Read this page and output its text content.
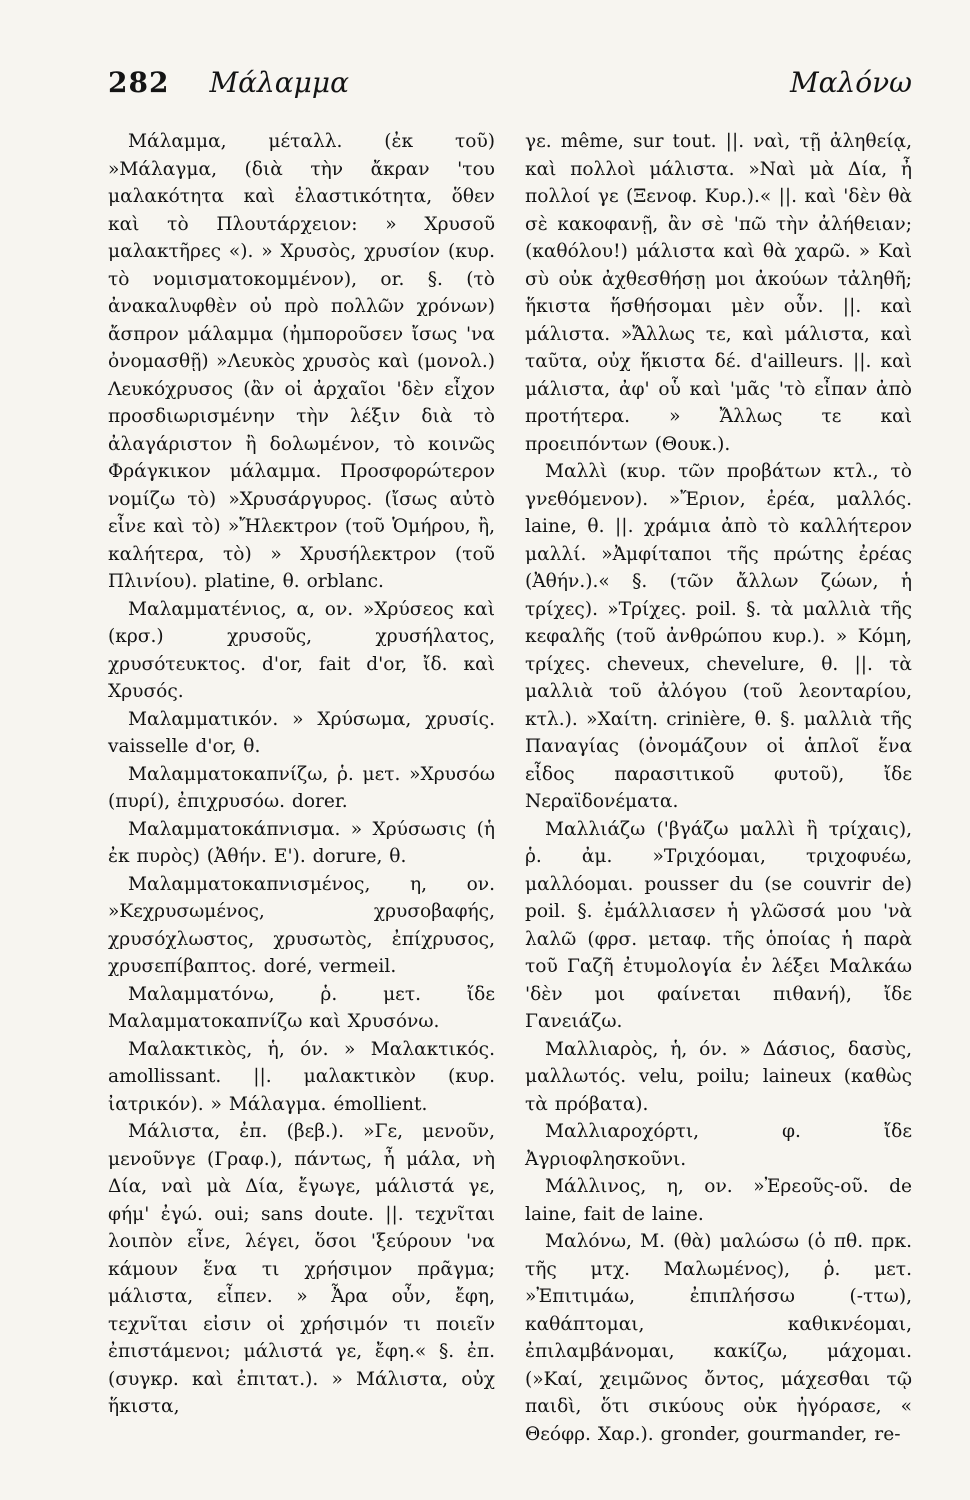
282 Μάλαμμα	Μαλόνω

Μάλαμμα, μέταλλ. (ἐκ τοῦ) »Μάλαγμα, (διὰ τὴν ἄκραν 'του μαλακότητα καὶ ἐλαστικότητα, ὅθεν καὶ τὸ Πλουτάρχειον: » Χρυσοῦ μαλακτῆρες «). » Χρυσὸς, χρυσίον (κυρ. τὸ νομισματοκομμένον), or. §. (τὸ ἀνακαλυφθὲν οὐ πρὸ πολλῶν χρόνων) ἄσπρον μάλαμμα (ἠμποροῦσεν ἴσως 'να ὀνομασθῇ) »Λευκὸς χρυσὸς καὶ (μονολ.) Λευκόχρυσος (ἂν οἱ ἀρχαῖοι 'δὲν εἶχον προσδιωρισμένην τὴν λέξιν διὰ τὸ ἀλαγάριστον ἢ δολωμένον, τὸ κοινῶς Φράγκικον μάλαμμα. Προσφορώτερον νομίζω τὸ) »Χρυσάργυρος. (ἴσως αὐτὸ εἶνε καὶ τὸ) »Ἤλεκτρον (τοῦ Ὁμήρου, ἢ, καλήτερα, τὸ) » Χρυσήλεκτρον (τοῦ Πλινίου). platine, θ. orblanc.

Μαλαμματένιος, α, ον. »Χρύσεος καὶ (κρσ.) χρυσοῦς, χρυσήλατος, χρυσότευκτος. d'or, fait d'or, ἴδ. καὶ Χρυσός.

Μαλαμματικόν. » Χρύσωμα, χρυσίς. vaisselle d'or, θ.

Μαλαμματοκαπνίζω, ῥ. μετ. »Χρυσόω (πυρί), ἐπιχρυσόω. dorer.

Μαλαμματοκάπνισμα. » Χρύσωσις (ἡ ἐκ πυρὸς) (Ἀθήν. Ε'). dorure, θ.

Μαλαμματοκαπνισμένος, η, ον. »Κεχρυσωμένος, χρυσοβαφής, χρυσόχλωστος, χρυσωτὸς, ἐπίχρυσος, χρυσεπίβαπτος. doré, vermeil.

Μαλαμματόνω, ῥ. μετ. ἴδε Μαλαμματοκαπνίζω καὶ Χρυσόνω.

Μαλακτικὸς, ἡ, όν. » Μαλακτικός. amollissant. ||. μαλακτικὸν (κυρ. ἰατρικόν). » Μάλαγμα. émollient.

Μάλιστα, ἐπ. (βεβ.). »Γε, μενοῦν, μενοῦνγε (Γραφ.), πάντως, ἦ μάλα, νὴ Δία, ναὶ μὰ Δία, ἔγωγε, μάλιστά γε, φήμ' ἐγώ. oui; sans doute. ||. τεχνῖται λοιπὸν εἶνε, λέγει, ὅσοι 'ξεύρουν 'να κάμουν ἕνα τι χρήσιμον πρᾶγμα; μάλιστα, εἶπεν. » Ἆρα οὖν, ἔφη, τεχνῖται εἰσιν οἱ χρήσιμόν τι ποιεῖν ἐπιστάμενοι; μάλιστά γε, ἔφη.« §. ἐπ. (συγκρ. καὶ ἐπιτατ.). » Μάλιστα, οὐχ ἥκιστα,

γε. même, sur tout. ||. ναὶ, τῇ ἀληθείᾳ, καὶ πολλοὶ μάλιστα. »Ναὶ μὰ Δία, ἦ πολλοί γε (Ξενοφ. Κυρ.).« ||. καὶ 'δὲν θὰ σὲ κακοφανῇ, ἂν σὲ 'πῶ τὴν ἀλήθειαν; (καθόλου!) μάλιστα καὶ θὰ χαρῶ. » Καὶ σὺ οὐκ ἀχθεσθήσῃ μοι ἀκούων τἀληθῆ; ἥκιστα ἥσθήσομαι μὲν οὖν. ||. καὶ μάλιστα. »Ἄλλως τε, καὶ μάλιστα, καὶ ταῦτα, οὐχ ἥκιστα δέ. d'ailleurs. ||. καὶ μάλιστα, ἀφ' οὗ καὶ 'μᾶς 'τὸ εἶπαν ἀπὸ προτήτερα. » Ἄλλως τε καὶ προειπόντων (Θουκ.).

Μαλλὶ (κυρ. τῶν προβάτων κτλ., τὸ γνεθόμενον). »Ἔριον, ἐρέα, μαλλός. laine, θ. ||. χράμια ἀπὸ τὸ καλλήτερον μαλλί. »Ἀμφίταποι τῆς πρώτης ἐρέας (Ἀθήν.).« §. (τῶν ἄλλων ζώων, ἡ τρίχες). »Τρίχες. poil. §. τὰ μαλλιὰ τῆς κεφαλῆς (τοῦ ἀνθρώπου κυρ.). » Κόμη, τρίχες. cheveux, chevelure, θ. ||. τὰ μαλλιὰ τοῦ ἀλόγου (τοῦ λεονταρίου, κτλ.). »Χαίτη. crinière, θ. §. μαλλιὰ τῆς Παναγίας (ὀνομάζουν οἱ ἁπλοῖ ἕνα εἶδος παρασιτικοῦ φυτοῦ), ἴδε Νεραϊδονέματα.

Μαλλιάζω ('βγάζω μαλλὶ ἢ τρίχαις), ῥ. ἀμ. »Τριχόομαι, τριχοφυέω, μαλλόομαι. pousser du (se couvrir de) poil. §. ἐμάλλιασεν ἡ γλῶσσά μου 'νὰ λαλῶ (φρσ. μεταφ. τῆς ὁποίας ἡ παρὰ τοῦ Γαζῆ ἐτυμολογία ἐν λέξει Μαλκάω 'δὲν μοι φαίνεται πιθανή), ἴδε Γανειάζω.

Μαλλιαρὸς, ἡ, όν. » Δάσιος, δασὺς, μαλλωτός. velu, poilu; laineux (καθὼς τὰ πρόβατα).

Μαλλιαροχόρτι, φ. ἴδε Ἀγριοφλησκοῦνι.

Μάλλινος, η, ον. »Ἐρεοῦς-οῦ. de laine, fait de laine.

Μαλόνω, Μ. (θὰ) μαλώσω (ὁ πθ. πρκ. τῆς μτχ. Μαλωμένος), ῥ. μετ. »Ἐπιτιμάω, ἐπιπλήσσω (-ττω), καθάπτομαι, καθικνέομαι, ἐπιλαμβάνομαι, κακίζω, μάχομαι. (»Καί, χειμῶνος ὄντος, μάχεσθαι τῷ παιδὶ, ὅτι σικύους οὐκ ἠγόρασε, « Θεόφρ. Χαρ.). gronder, gourmander, re-
